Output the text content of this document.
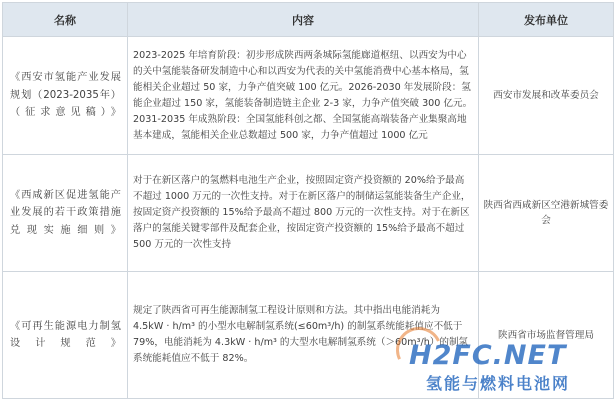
名称	内容	发布单位
《西安市氢能产业发展规划（2023-2035年）（征求意见稿）》	2023-2025 年培育阶段：初步形成陕西两条城际氢能廊道枢纽、以西安为中心的关中氢能装备研发制造中心和以西安为代表的关中氢能消费中心基本格局，氢能相关企业超过 50 家，力争产值突破 100 亿元。2026-2030 年发展阶段：氢能企业超过 150 家，氢能装备制造链主企业 2-3 家，力争产值突破 300 亿元。2031-2035 年成熟阶段：全国氢能科创之都、全国氢能高端装备产业集聚高地基本建成，氢能相关企业总数超过 500 家，力争产值超过 1000 亿元	西安市发展和改革委员会
《西咸新区促进氢能产业发展的若干政策措施兑现实施细则》	对于在新区落户的氢燃料电池生产企业，按照固定资产投资额的 20%给予最高不超过 1000 万元的一次性支持。对于在新区落户的制储运氢能装备生产企业，按固定资产投资额的 15%给予最高不超过 800 万元的一次性支持。对于在新区落户的氢能关键零部件及配套企业，按固定资产投资额的 15%给予最高不超过 500 万元的一次性支持	陕西省西咸新区空港新城管委会
《可再生能源电力制氢设计规范》	规定了陕西省可再生能源制氢工程设计原则和方法。其中指出电能消耗为 4.5kW · h/m³ 的小型水电解制氢系统(≤60m³/h) 的制氢系统能耗值应不低于 79%，电能消耗为 4.3kW · h/m³ 的大型水电解制氢系统（＞60m³/h）的制氢系统能耗值应不低于 82%。	陕西省市场监督管理局
H2FC.NET
氢能与燃料电池网
